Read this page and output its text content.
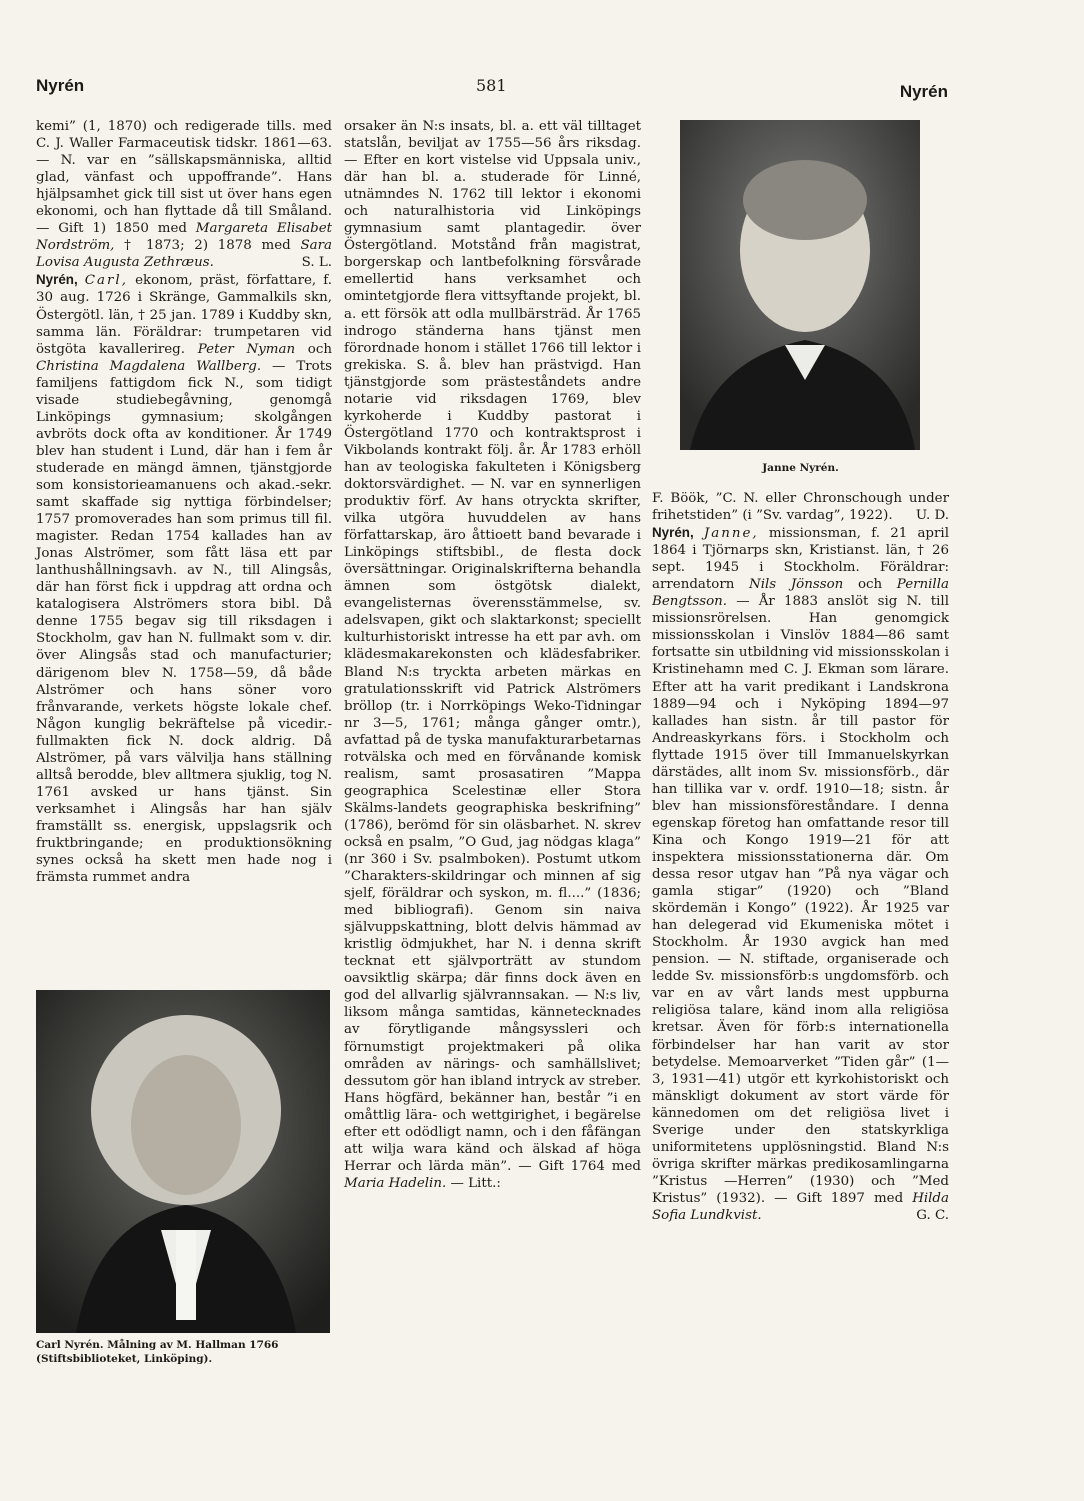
Nyrén	581	Nyrén

kemi” (1, 1870) och redigerade tills. med C. J. Waller Farmaceutisk tidskr. 1861—63. — N. var en ”sällskapsmänniska, alltid glad, vänfast och uppoffrande”. Hans hjälpsamhet gick till sist ut över hans egen ekonomi, och han flyttade då till Småland. — Gift 1) 1850 med Margareta Elisabet Nordström, † 1873; 2) 1878 med Sara Lovisa Augusta Zethræus.	S. L.

Nyrén, Carl, ekonom, präst, författare, f. 30 aug. 1726 i Skränge, Gammalkils skn, Östergötl. län, † 25 jan. 1789 i Kuddby skn, samma län. Föräldrar: trumpetaren vid östgöta kavallerireg. Peter Nyman och Christina Magdalena Wallberg. — Trots familjens fattigdom fick N., som tidigt visade studiebegåvning, genomgå Linköpings gymnasium; skolgången avbröts dock ofta av konditioner. År 1749 blev han student i Lund, där han i fem år studerade en mängd ämnen, tjänstgjorde som konsistorieamanuens och akad.-sekr. samt skaffade sig nyttiga förbindelser; 1757 promoverades han som primus till fil. magister. Redan 1754 kallades han av Jonas Alströmer, som fått läsa ett par lanthushållningsavh. av N., till Alingsås, där han först fick i uppdrag att ordna och katalogisera Alströmers stora bibl. Då denne 1755 begav sig till riksdagen i Stockholm, gav han N. fullmakt som v. dir. över Alingsås stad och manufacturier; därigenom blev N. 1758—59, då både Alströmer och hans söner voro frånvarande, verkets högste lokale chef. Någon kunglig bekräftelse på vicedir.-fullmakten fick N. dock aldrig. Då Alströmer, på vars välvilja hans ställning alltså berodde, blev alltmera sjuklig, tog N. 1761 avsked ur hans tjänst. Sin verksamhet i Alingsås har han själv framställt ss. energisk, uppslagsrik och fruktbringande; en produktionsökning synes också ha skett men hade nog i främsta rummet andra

Carl Nyrén. Målning av M. Hallman 1766 (Stiftsbiblioteket, Linköping).

orsaker än N:s insats, bl. a. ett väl tilltaget statslån, beviljat av 1755—56 års riksdag. — Efter en kort vistelse vid Uppsala univ., där han bl. a. studerade för Linné, utnämndes N. 1762 till lektor i ekonomi och naturalhistoria vid Linköpings gymnasium samt plantagedir. över Östergötland. Motstånd från magistrat, borgerskap och lantbefolkning försvårade emellertid hans verksamhet och omintetgjorde flera vittsyftande projekt, bl. a. ett försök att odla mullbärsträd. År 1765 indrogo ständerna hans tjänst men förordnade honom i stället 1766 till lektor i grekiska. S. å. blev han prästvigd. Han tjänstgjorde som prästeståndets andre notarie vid riksdagen 1769, blev kyrkoherde i Kuddby pastorat i Östergötland 1770 och kontraktsprost i Vikbolands kontrakt följ. år. År 1783 erhöll han av teologiska fakulteten i Königsberg doktorsvärdighet. — N. var en synnerligen produktiv förf. Av hans otryckta skrifter, vilka utgöra huvuddelen av hans författarskap, äro åttioett band bevarade i Linköpings stiftsbibl., de flesta dock översättningar. Originalskrifterna behandla ämnen som östgötsk dialekt, evangelisternas överensstämmelse, sv. adelsvapen, gikt och slaktarkonst; speciellt kulturhistoriskt intresse ha ett par avh. om klädesmakarekonsten och klädesfabriker. Bland N:s tryckta arbeten märkas en gratulationsskrift vid Patrick Alströmers bröllop (tr. i Norrköpings Weko-Tidningar nr 3—5, 1761; många gånger omtr.), avfattad på de tyska manufakturarbetarnas rotvälska och med en förvånande komisk realism, samt prosasatiren ”Mappa geographica Scelestinæ eller Stora Skälms-landets geographiska beskrifning” (1786), berömd för sin oläsbarhet. N. skrev också en psalm, ”O Gud, jag nödgas klaga” (nr 360 i Sv. psalmboken). Postumt utkom ”Charakters-skildringar och minnen af sig sjelf, föräldrar och syskon, m. fl....” (1836; med bibliografi). Genom sin naiva självuppskattning, blott delvis hämmad av kristlig ödmjukhet, har N. i denna skrift tecknat ett självporträtt av stundom oavsiktlig skärpa; där finns dock även en god del allvarlig självrannsakan. — N:s liv, liksom många samtidas, kännetecknades av förytligande mångsyssleri och förnumstigt projektmakeri på olika områden av närings- och samhällslivet; dessutom gör han ibland intryck av streber. Hans högfärd, bekänner han, består ”i en omåttlig lära- och wettgirighet, i begärelse efter ett odödligt namn, och i den fåfängan att wilja wara känd och älskad af höga Herrar och lärda män”. — Gift 1764 med Maria Hadelin. — Litt.:

Janne Nyrén.

F. Böök, ”C. N. eller Chronschough under frihetstiden” (i ”Sv. vardag”, 1922). U. D.

Nyrén, Janne, missionsman, f. 21 april 1864 i Tjörnarps skn, Kristianst. län, † 26 sept. 1945 i Stockholm. Föräldrar: arrendatorn Nils Jönsson och Pernilla Bengtsson. — År 1883 anslöt sig N. till missionsrörelsen. Han genomgick missionsskolan i Vinslöv 1884—86 samt fortsatte sin utbildning vid missionsskolan i Kristinehamn med C. J. Ekman som lärare. Efter att ha varit predikant i Landskrona 1889—94 och i Nyköping 1894—97 kallades han sistn. år till pastor för Andreaskyrkans förs. i Stockholm och flyttade 1915 över till Immanuelskyrkan därstädes, allt inom Sv. missionsförb., där han tillika var v. ordf. 1910—18; sistn. år blev han missionsföreståndare. I denna egenskap företog han omfattande resor till Kina och Kongo 1919—21 för att inspektera missionsstationerna där. Om dessa resor utgav han ”På nya vägar och gamla stigar” (1920) och ”Bland skördemän i Kongo” (1922). År 1925 var han delegerad vid Ekumeniska mötet i Stockholm. År 1930 avgick han med pension. — N. stiftade, organiserade och ledde Sv. missionsförb:s ungdomsförb. och var en av vårt lands mest uppburna religiösa talare, känd inom alla religiösa kretsar. Även för förb:s internationella förbindelser har han varit av stor betydelse. Memoarverket ”Tiden går” (1—3, 1931—41) utgör ett kyrkohistoriskt och mänskligt dokument av stort värde för kännedomen om det religiösa livet i Sverige under den statskyrkliga uniformitetens upplösningstid. Bland N:s övriga skrifter märkas predikosamlingarna ”Kristus —Herren” (1930) och ”Med Kristus” (1932). — Gift 1897 med Hilda Sofia Lundkvist.	G. C.
